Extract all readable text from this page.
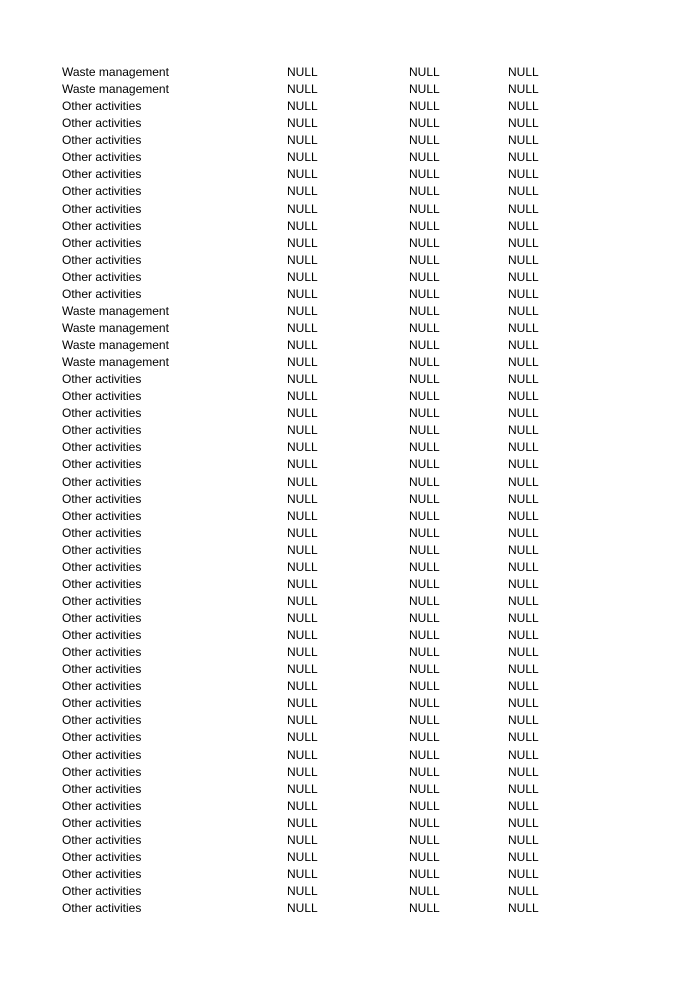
Waste management	NULL	NULL	NULL
Waste management	NULL	NULL	NULL
Other activities	NULL	NULL	NULL
Other activities	NULL	NULL	NULL
Other activities	NULL	NULL	NULL
Other activities	NULL	NULL	NULL
Other activities	NULL	NULL	NULL
Other activities	NULL	NULL	NULL
Other activities	NULL	NULL	NULL
Other activities	NULL	NULL	NULL
Other activities	NULL	NULL	NULL
Other activities	NULL	NULL	NULL
Other activities	NULL	NULL	NULL
Other activities	NULL	NULL	NULL
Waste management	NULL	NULL	NULL
Waste management	NULL	NULL	NULL
Waste management	NULL	NULL	NULL
Waste management	NULL	NULL	NULL
Other activities	NULL	NULL	NULL
Other activities	NULL	NULL	NULL
Other activities	NULL	NULL	NULL
Other activities	NULL	NULL	NULL
Other activities	NULL	NULL	NULL
Other activities	NULL	NULL	NULL
Other activities	NULL	NULL	NULL
Other activities	NULL	NULL	NULL
Other activities	NULL	NULL	NULL
Other activities	NULL	NULL	NULL
Other activities	NULL	NULL	NULL
Other activities	NULL	NULL	NULL
Other activities	NULL	NULL	NULL
Other activities	NULL	NULL	NULL
Other activities	NULL	NULL	NULL
Other activities	NULL	NULL	NULL
Other activities	NULL	NULL	NULL
Other activities	NULL	NULL	NULL
Other activities	NULL	NULL	NULL
Other activities	NULL	NULL	NULL
Other activities	NULL	NULL	NULL
Other activities	NULL	NULL	NULL
Other activities	NULL	NULL	NULL
Other activities	NULL	NULL	NULL
Other activities	NULL	NULL	NULL
Other activities	NULL	NULL	NULL
Other activities	NULL	NULL	NULL
Other activities	NULL	NULL	NULL
Other activities	NULL	NULL	NULL
Other activities	NULL	NULL	NULL
Other activities	NULL	NULL	NULL
Other activities	NULL	NULL	NULL
